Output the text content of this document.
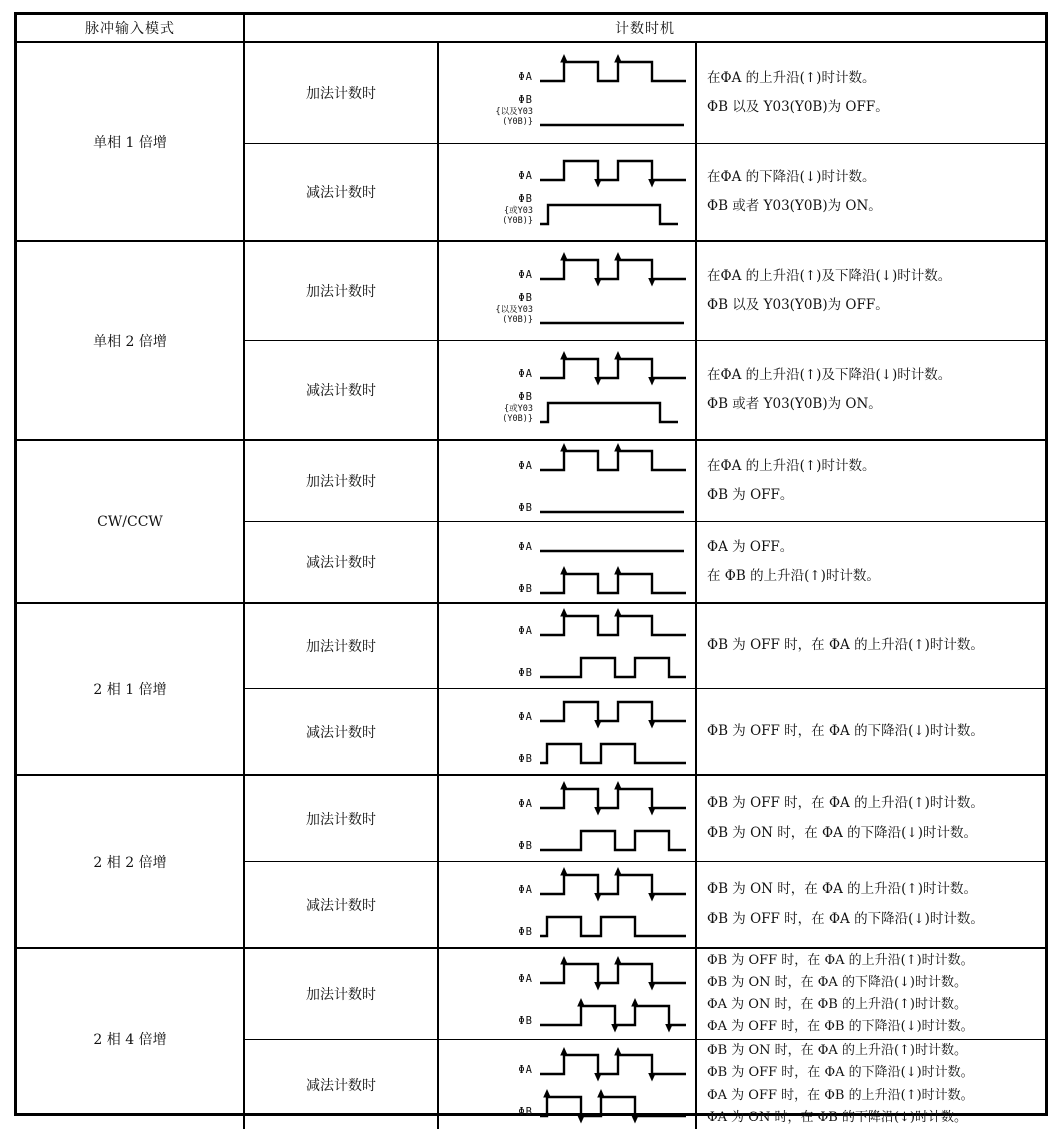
脉冲输入模式	计数时机
单相 1 倍增
加法计数时
ΦA
ΦB
{以及Y03
(Y0B)}
在ΦA 的上升沿(↑)时计数。
ΦB 以及 Y03(Y0B)为 OFF。
减法计数时
ΦA
ΦB
{或Y03
(Y0B)}
在ΦA 的下降沿(↓)时计数。
ΦB 或者 Y03(Y0B)为 ON。
单相 2 倍增
加法计数时
ΦA
ΦB
{以及Y03
(Y0B)}
在ΦA 的上升沿(↑)及下降沿(↓)时计数。
ΦB 以及 Y03(Y0B)为 OFF。
减法计数时
ΦA
ΦB
{或Y03
(Y0B)}
在ΦA 的上升沿(↑)及下降沿(↓)时计数。
ΦB 或者 Y03(Y0B)为 ON。
CW/CCW
加法计数时
ΦA
ΦB
在ΦA 的上升沿(↑)时计数。
ΦB 为 OFF。
减法计数时
ΦA
ΦB
ΦA 为 OFF。
在 ΦB 的上升沿(↑)时计数。
2 相 1 倍增
加法计数时
ΦA
ΦB
ΦB 为 OFF 时，在 ΦA 的上升沿(↑)时计数。
减法计数时
ΦA
ΦB
ΦB 为 OFF 时，在 ΦA 的下降沿(↓)时计数。
2 相 2 倍增
加法计数时
ΦA
ΦB
ΦB 为 OFF 时，在 ΦA 的上升沿(↑)时计数。
ΦB 为 ON 时，在 ΦA 的下降沿(↓)时计数。
减法计数时
ΦA
ΦB
ΦB 为 ON 时，在 ΦA 的上升沿(↑)时计数。
ΦB 为 OFF 时，在 ΦA 的下降沿(↓)时计数。
2 相 4 倍增
加法计数时
ΦA
ΦB
ΦB 为 OFF 时，在 ΦA 的上升沿(↑)时计数。
ΦB 为 ON 时，在 ΦA 的下降沿(↓)时计数。
ΦA 为 ON 时，在 ΦB 的上升沿(↑)时计数。
ΦA 为 OFF 时，在 ΦB 的下降沿(↓)时计数。
减法计数时
ΦA
ΦB
ΦB 为 ON 时，在 ΦA 的上升沿(↑)时计数。
ΦB 为 OFF 时，在 ΦA 的下降沿(↓)时计数。
ΦA 为 OFF 时，在 ΦB 的上升沿(↑)时计数。
ΦA 为 ON 时，在 ΦB 的下降沿(↓)时计数。
